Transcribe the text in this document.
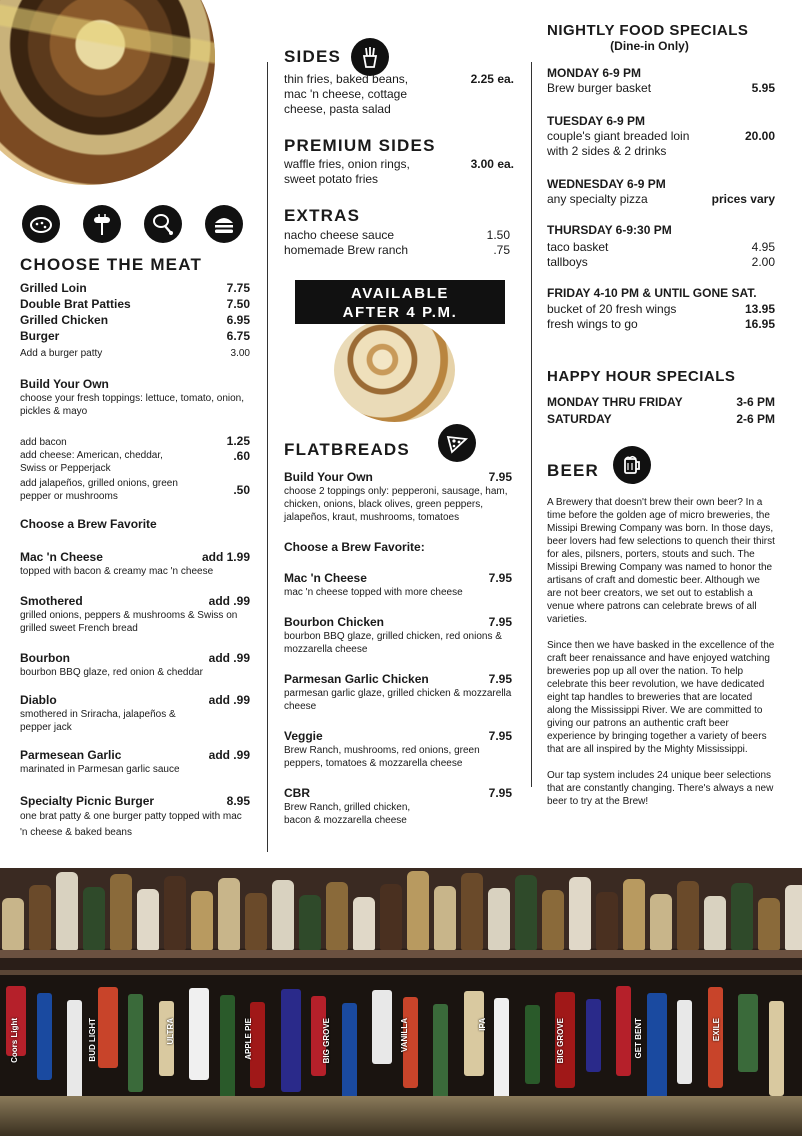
CHOOSE THE MEAT
Grilled Loin	7.75
Double Brat Patties	7.50
Grilled Chicken	6.95
Burger	6.75
Add a burger patty	3.00
Build Your Own
choose your fresh toppings: lettuce, tomato, onion, pickles & mayo
add bacon	1.25
add cheese: American, cheddar, Swiss or Pepperjack
.60
add jalapeños, grilled onions, green pepper or mushrooms	.50
Choose a Brew Favorite
Mac 'n Cheese	add 1.99
topped with bacon & creamy mac 'n cheese
Smothered	add .99
grilled onions, peppers & mushrooms & Swiss on grilled sweet French bread
Bourbon	add .99
bourbon BBQ glaze, red onion & cheddar
Diablo	add .99
smothered in Sriracha, jalapeños & pepper jack
Parmesean Garlic	add .99
marinated in Parmesan garlic sauce
Specialty Picnic Burger	8.95
one brat patty & one burger patty topped with mac 'n cheese & baked beans
SIDES
thin fries, baked beans, mac 'n cheese, cottage cheese, pasta salad
2.25 ea.
PREMIUM SIDES
waffle fries, onion rings, sweet potato fries
3.00 ea.
EXTRAS
nacho cheese sauce	1.50
homemade Brew ranch	.75
AVAILABLE
AFTER 4 P.M.
FLATBREADS
Build Your Own	7.95
choose 2 toppings only: pepperoni, sausage, ham, chicken, onions, black olives, green peppers, jalapeños, kraut, mushrooms, tomatoes
Choose a Brew Favorite:
Mac 'n Cheese	7.95
mac 'n cheese topped with more cheese
Bourbon Chicken	7.95
bourbon BBQ glaze, grilled chicken, red onions & mozzarella cheese
Parmesan Garlic Chicken	7.95
parmesan garlic glaze, grilled chicken & mozzarella cheese
Veggie	7.95
Brew Ranch, mushrooms, red onions, green peppers, tomatoes & mozzarella cheese
CBR	7.95
Brew Ranch, grilled chicken, bacon & mozzarella cheese
NIGHTLY FOOD SPECIALS
(Dine-in Only)
MONDAY 6-9 PM
Brew burger basket	5.95
TUESDAY 6-9 PM
couple's giant breaded loin with 2 sides & 2 drinks
20.00
WEDNESDAY 6-9 PM
any specialty pizza	prices vary
THURSDAY 6-9:30 PM
taco basket	4.95
tallboys	2.00
FRIDAY 4-10 PM & UNTIL GONE SAT.
bucket of 20 fresh wings	13.95
fresh wings to go	16.95
HAPPY HOUR SPECIALS
MONDAY THRU FRIDAY	3-6 PM
SATURDAY	2-6 PM
BEER
A Brewery that doesn't brew their own beer? In a time before the golden age of micro breweries, the Missipi Brewing Company was born. In those days, beer lovers had few selections to quench their thirst for ales, pilsners, porters, stouts and such. The Missipi Brewing Company was named to honor the artisans of craft and domestic beer. Although we are not beer creators, we set out to establish a venue where patrons can celebrate brews of all varieties.
Since then we have basked in the excellence of the craft beer renaissance and have enjoyed watching breweries pop up all over the nation. To help celebrate this beer revolution, we have dedicated eight tap handles to breweries that are located along the Mississippi River. We are committed to giving our patrons an authentic craft beer experience by bringing together a variety of beers that are all inspired by the Mighty Mississippi.
Our tap system includes 24 unique beer selections that are constantly changing. There's always a new beer to try at the Brew!
Coors Light	BUD LIGHT	ULTRA	APPLE PIE	BIG GROVE	VANILLA	IPA	BIG GROVE	GET BENT	EXILE
